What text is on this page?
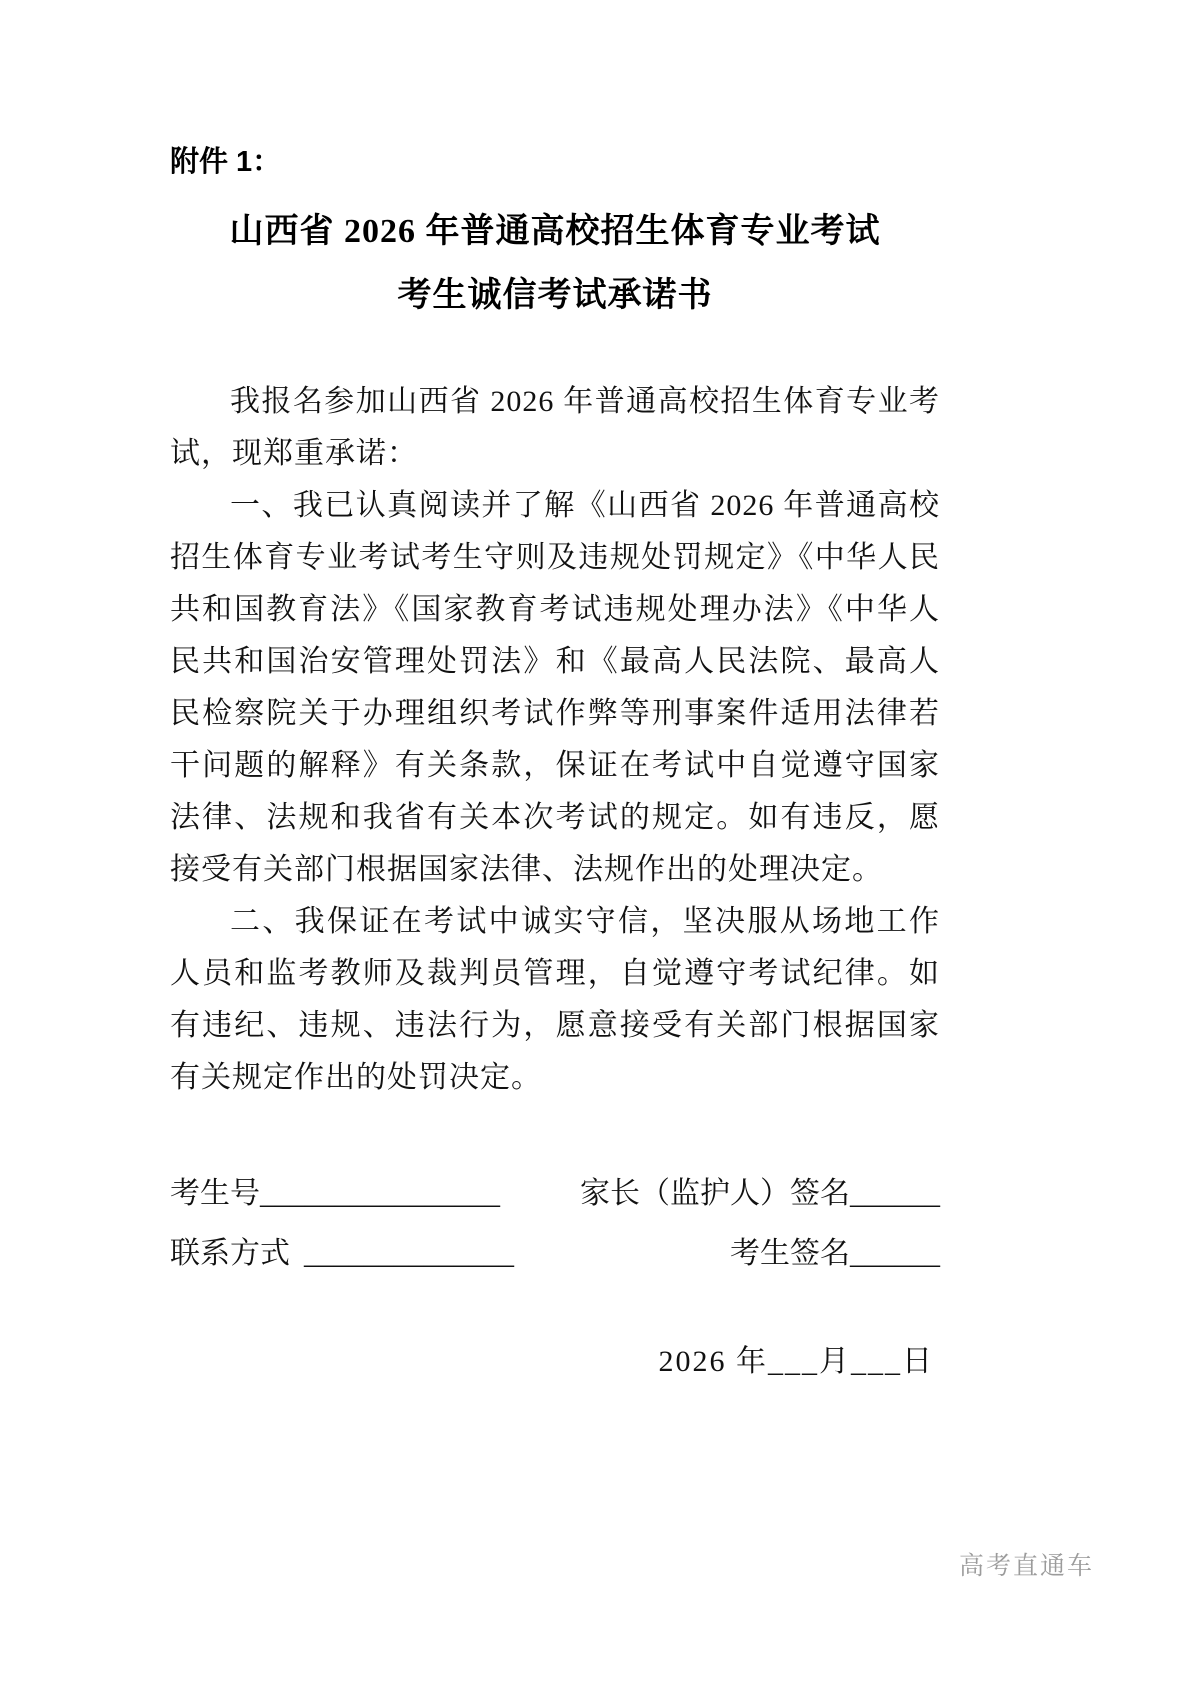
附件 1：
山西省 2026 年普通高校招生体育专业考试
考生诚信考试承诺书

我报名参加山西省 2026 年普通高校招生体育专业考试，现郑重承诺：

一、我已认真阅读并了解《山西省 2026 年普通高校招生体育专业考试考生守则及违规处罚规定》《中华人民共和国教育法》《国家教育考试违规处理办法》《中华人民共和国治安管理处罚法》和《最高人民法院、最高人民检察院关于办理组织考试作弊等刑事案件适用法律若干问题的解释》有关条款，保证在考试中自觉遵守国家法律、法规和我省有关本次考试的规定。如有违反，愿接受有关部门根据国家法律、法规作出的处理决定。

二、我保证在考试中诚实守信，坚决服从场地工作人员和监考教师及裁判员管理，自觉遵守考试纪律。如有违纪、违规、违法行为，愿意接受有关部门根据国家有关规定作出的处罚决定。

考生号________________	家长（监护人）签名______
联系方式 ______________	考生签名______
2026 年___月___日
高考直通车
